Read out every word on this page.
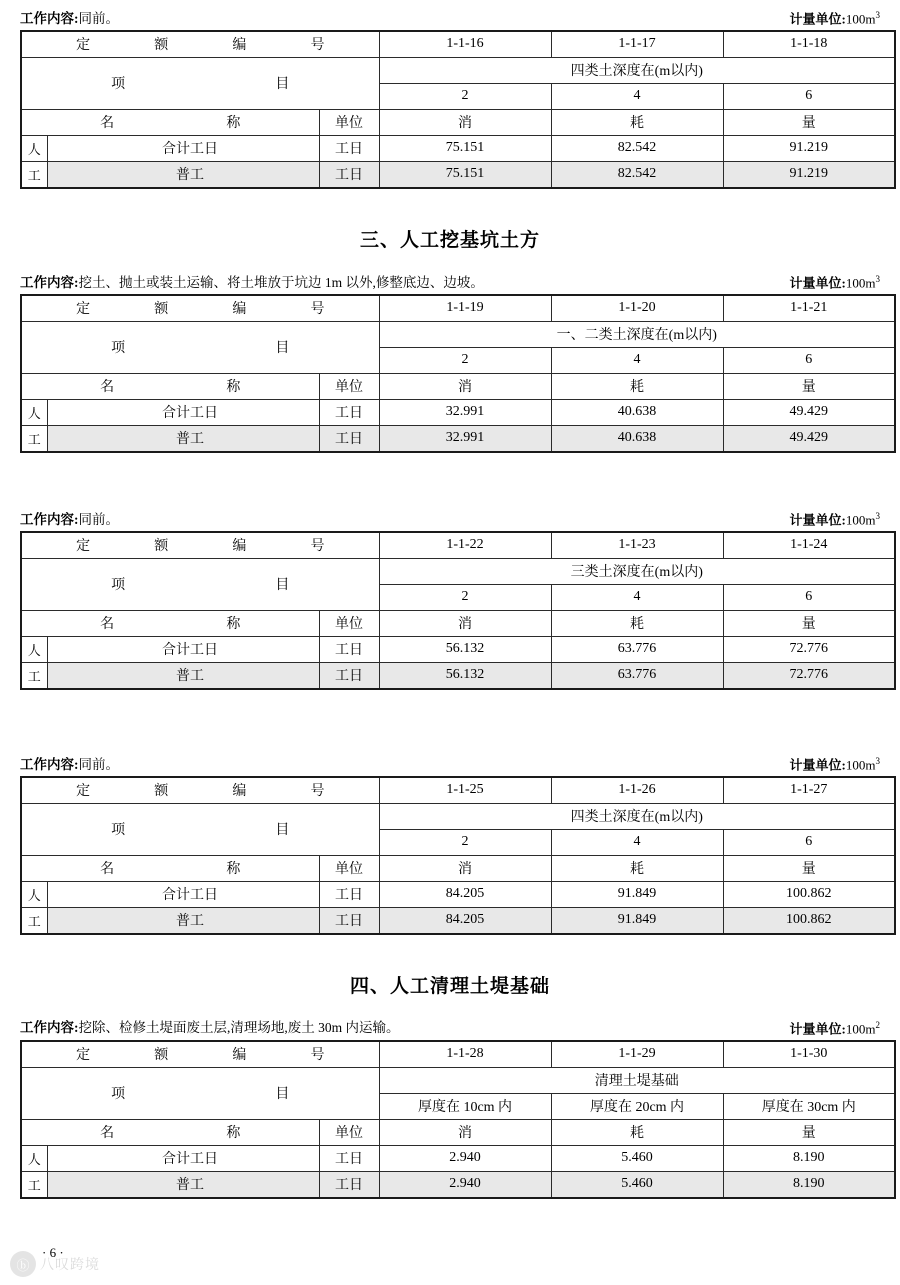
工作内容:同前。	计量单位$:100m^3$
定 额 编 号			1-1-16	1-1-17	1-1-18

项 目			四类土深度在(m以内)		
			2	4	6

名 称		单位	消	耗	量
人	合计工日	工日	75.151	82.542	91.219
工	普工	工日	75.151	82.542	91.219
三、人工挖基坑土方
工作内容:挖土、抛土或装土运输、将土堆放于坑边 1m 以外,修整底边、边坡。	计量单位$:100m^3$
定 额 编 号			1-1-19	1-1-20	1-1-21

项 目			一、二类土深度在(m以内)		
			2	4	6

名 称		单位	消	耗	量
人	合计工日	工日	32.991	40.638	49.429
工	普工	工日	32.991	40.638	49.429
工作内容:同前。	计量单位$:100m^3$
定 额 编 号			1-1-22	1-1-23	1-1-24

项 目			三类土深度在(m以内)		
			2	4	6

名 称		单位	消	耗	量
人	合计工日	工日	56.132	63.776	72.776
工	普工	工日	56.132	63.776	72.776
工作内容:同前。	计量单位$:100m^3$
定 额 编 号			1-1-25	1-1-26	1-1-27

项 目			四类土深度在(m以内)		
			2	4	6

名 称		单位	消	耗	量
人	合计工日	工日	84.205	91.849	100.862
工	普工	工日	84.205	91.849	100.862
四、人工清理土堤基础
工作内容:挖除、检修土堤面废土层,清理场地,废土 30m 内运输。	计量单位$:100m^2$
定 额 编 号			1-1-28	1-1-29	1-1-30

项 目			清理土堤基础		
			厚度在 10cm 内	厚度在 20cm 内	厚度在 30cm 内

名 称		单位	消	耗	量
人	合计工日	工日	2.940	5.460	8.190
工	普工	工日	2.940	5.460	8.190
· 6 ·
ⓑ 八叹跨境
